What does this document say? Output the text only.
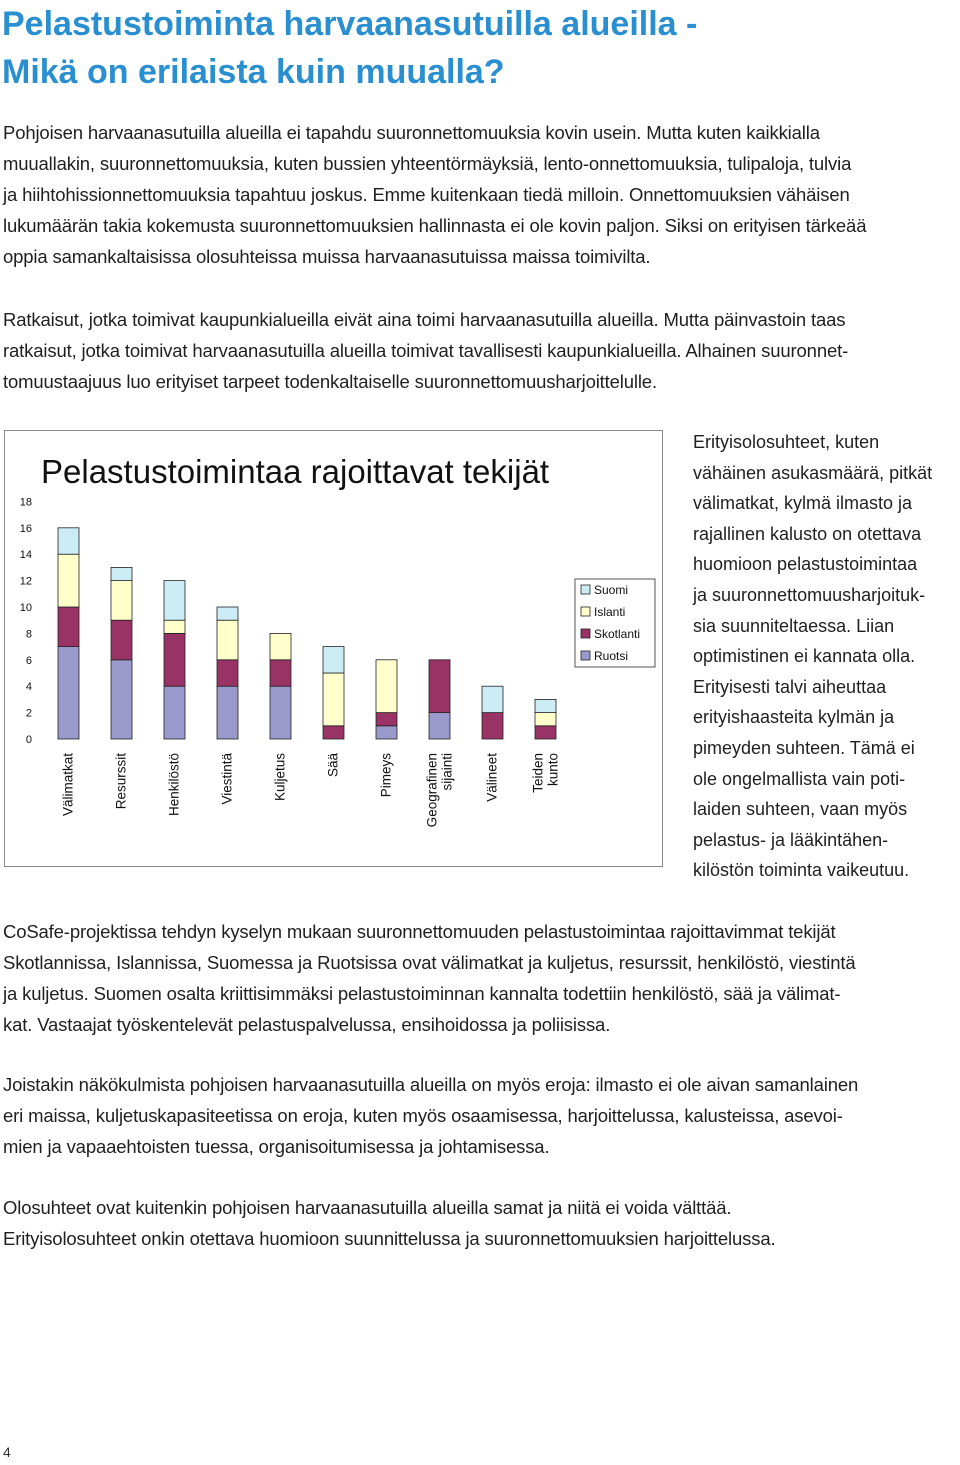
Pelastustoiminta harvaanasutuilla alueilla -
Mikä on erilaista kuin muualla?
Pohjoisen harvaanasutuilla alueilla ei tapahdu suuronnettomuuksia kovin usein. Mutta kuten kaikkialla
muuallakin, suuronnettomuuksia, kuten bussien yhteentörmäyksiä, lento-onnettomuuksia, tulipaloja, tulvia
ja hiihtohissionnettomuuksia tapahtuu joskus. Emme kuitenkaan tiedä milloin. Onnettomuuksien vähäisen
lukumäärän takia kokemusta suuronnettomuuksien hallinnasta ei ole kovin paljon. Siksi on erityisen tärkeää
oppia samankaltaisissa olosuhteissa muissa harvaanasutuissa maissa toimivilta.
Ratkaisut, jotka toimivat kaupunkialueilla eivät aina toimi harvaanasutuilla alueilla. Mutta päinvastoin taas
ratkaisut, jotka toimivat harvaanasutuilla alueilla toimivat tavallisesti kaupunkialueilla. Alhainen suuronnet-
tomuustaajuus luo erityiset tarpeet todenkaltaiselle suuronnettomuusharjoittelulle.
Pelastustoimintaa rajoittavat tekijät
0
2
4
6
8
10
12
14
16
18
Välimatkat	Resurssit	Henkilöstö	Viestintä	Kuljetus	Sää	Pimeys Geografinensijainti Välineet Teidenkunto
Suomi
Islanti
Skotlanti
Ruotsi
Erityisolosuhteet, kuten
vähäinen asukasmäärä, pitkät
välimatkat, kylmä ilmasto ja
rajallinen kalusto on otettava
huomioon pelastustoimintaa
ja suuronnettomuusharjoituk-
sia suunniteltaessa. Liian
optimistinen ei kannata olla.
Erityisesti talvi aiheuttaa
erityishaasteita kylmän ja
pimeyden suhteen. Tämä ei
ole ongelmallista vain poti-
laiden suhteen, vaan myös
pelastus- ja lääkintähen-
kilöstön toiminta vaikeutuu.
CoSafe-projektissa tehdyn kyselyn mukaan suuronnettomuuden pelastustoimintaa rajoittavimmat tekijät
Skotlannissa, Islannissa, Suomessa ja Ruotsissa ovat välimatkat ja kuljetus, resurssit, henkilöstö, viestintä
ja kuljetus. Suomen osalta kriittisimmäksi pelastustoiminnan kannalta todettiin henkilöstö, sää ja välimat-
kat. Vastaajat työskentelevät pelastuspalvelussa, ensihoidossa ja poliisissa.
Joistakin näkökulmista pohjoisen harvaanasutuilla alueilla on myös eroja: ilmasto ei ole aivan samanlainen
eri maissa, kuljetuskapasiteetissa on eroja, kuten myös osaamisessa, harjoittelussa, kalusteissa, asevoi-
mien ja vapaaehtoisten tuessa, organisoitumisessa ja johtamisessa.
Olosuhteet ovat kuitenkin pohjoisen harvaanasutuilla alueilla samat ja niitä ei voida välttää.
Erityisolosuhteet onkin otettava huomioon suunnittelussa ja suuronnettomuuksien harjoittelussa.
4
